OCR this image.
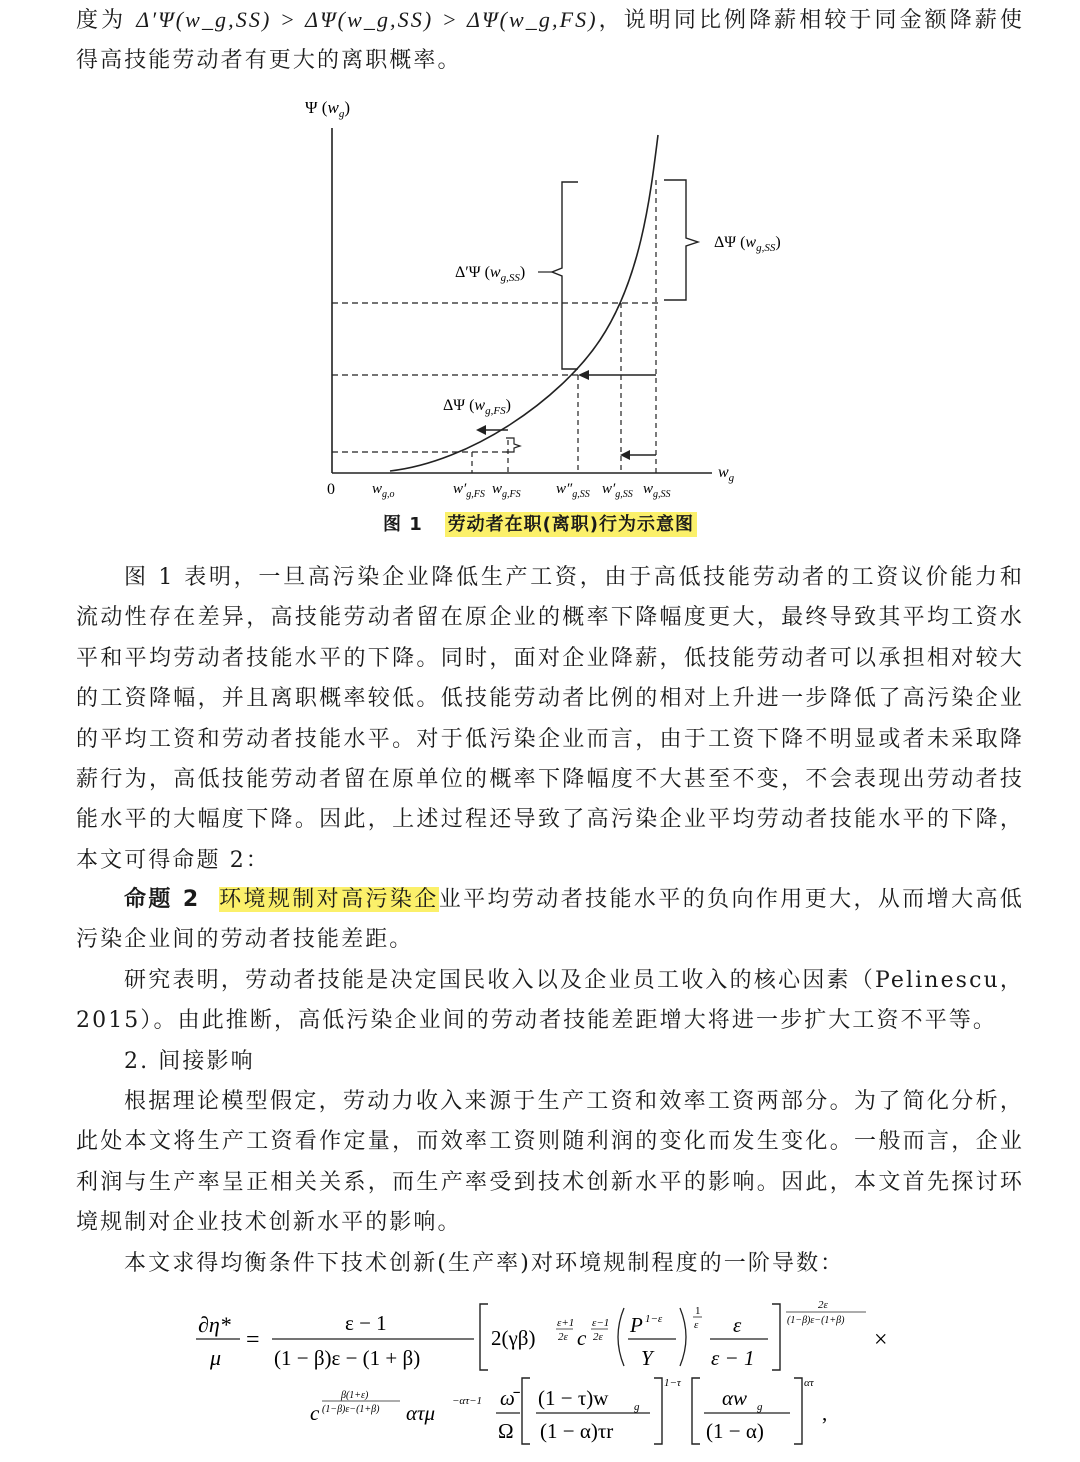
度为 Δ′Ψ(w_g,SS) > ΔΨ(w_g,SS) > ΔΨ(w_g,FS)，说明同比例降薪相较于同金额降薪使得高技能劳动者有更大的离职概率。
Ψ $(w_g)$
$w_g$
0
Δ′Ψ $(w_{g,SS})$
ΔΨ $(w_{g,SS})$
ΔΨ $(w_{g,FS})$
$w_{g,o}$	$w'_{g,FS}$ $w_{g,FS}$ $w''_{g,SS}$ $w'_{g,SS}$ $w_{g,SS}$
图 1 劳动者在职(离职)行为示意图

图 1 表明，一旦高污染企业降低生产工资，由于高低技能劳动者的工资议价能力和流动性存在差异，高技能劳动者留在原企业的概率下降幅度更大，最终导致其平均工资水平和平均劳动者技能水平的下降。同时，面对企业降薪，低技能劳动者可以承担相对较大的工资降幅，并且离职概率较低。低技能劳动者比例的相对上升进一步降低了高污染企业的平均工资和劳动者技能水平。对于低污染企业而言，由于工资下降不明显或者未采取降薪行为，高低技能劳动者留在原单位的概率下降幅度不大甚至不变，不会表现出劳动者技能水平的大幅度下降。因此，上述过程还导致了高污染企业平均劳动者技能水平的下降，本文可得命题 2：

命题 2 环境规制对高污染企业平均劳动者技能水平的负向作用更大，从而增大高低污染企业间的劳动者技能差距。

研究表明，劳动者技能是决定国民收入以及企业员工收入的核心因素（Pelinescu，2015）。由此推断，高低污染企业间的劳动者技能差距增大将进一步扩大工资不平等。

2. 间接影响

根据理论模型假定，劳动力收入来源于生产工资和效率工资两部分。为了简化分析，此处本文将生产工资看作定量，而效率工资则随利润的变化而发生变化。一般而言，企业利润与生产率呈正相关关系，而生产率受到技术创新水平的影响。因此，本文首先探讨环境规制对企业技术创新水平的影响。

本文求得均衡条件下技术创新(生产率)对环境规制程度的一阶导数：

∂η*
μ
=
ε − 1
(1 − β)ε − (1 + β)
2(γβ)
ε+1
2ε c
ε−1
2ε P 1−ε
Y
1
ε ε
ε − 1
2ε
(1−β)ε−(1+β)
×
c
β(1+ε)
(1−β)ε−(1+β) ατμ −ατ−1 ω̄
Ω
(1 − τ)w g
(1 − α)τr
1−τ
αw g
(1 − α)
ατ
,
